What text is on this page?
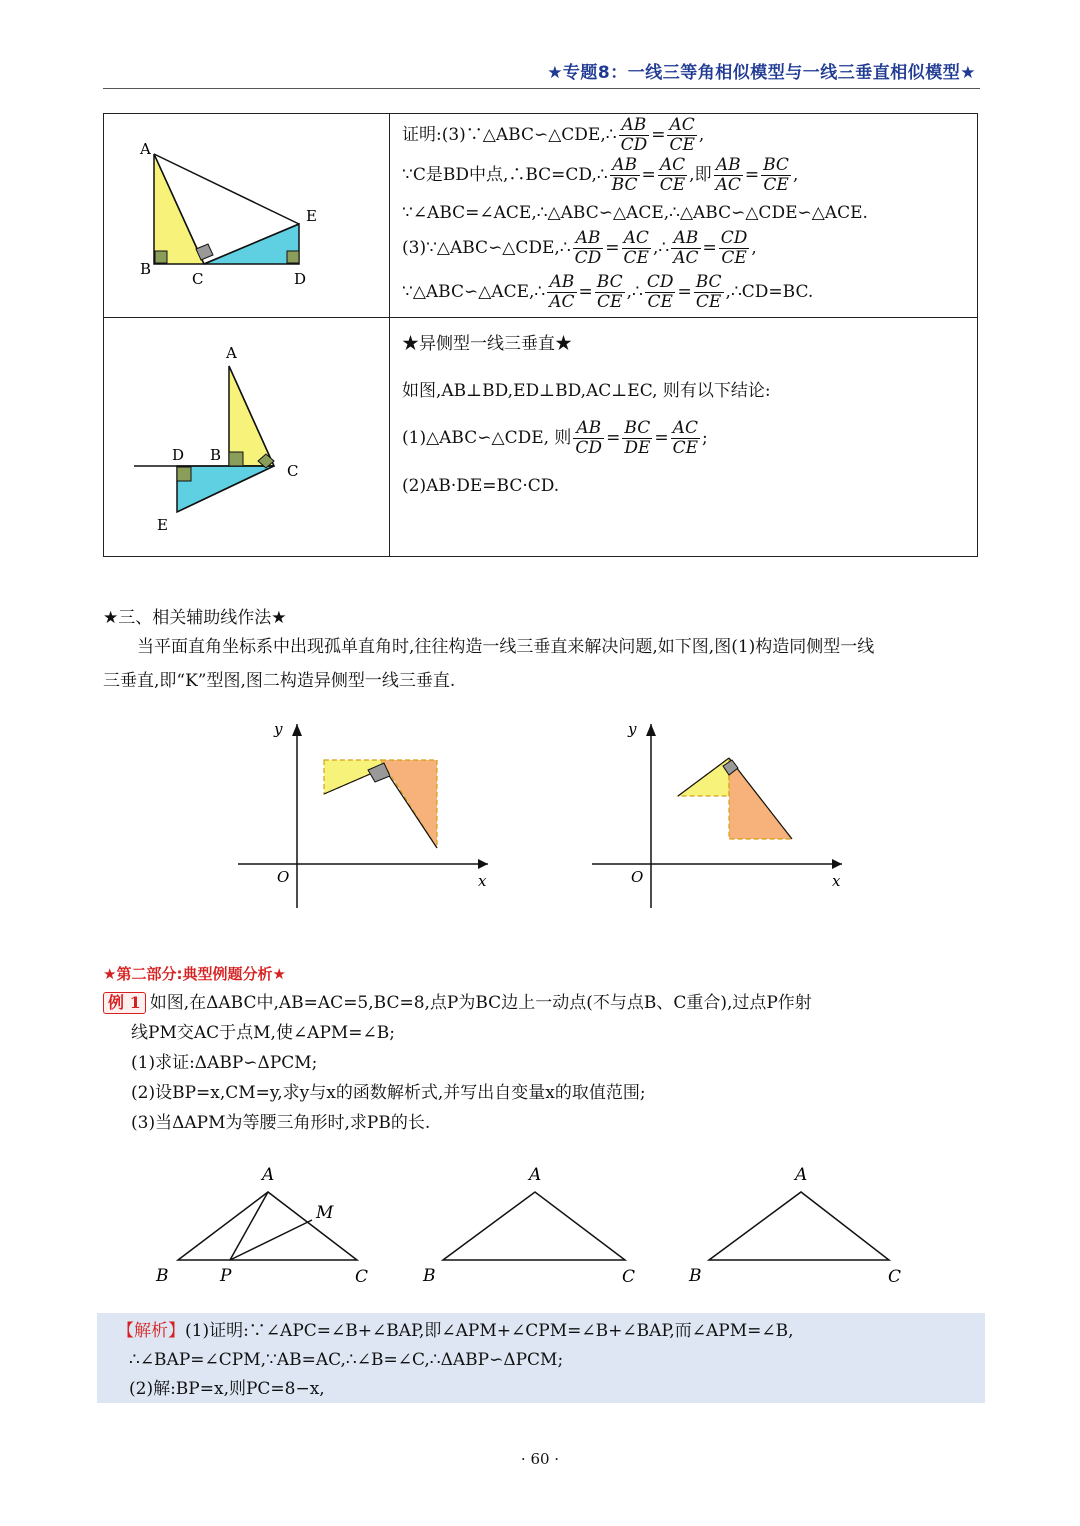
★专题8：一线三等角相似模型与一线三垂直相似模型★
A
B
C	D
E
证明:(3)∵△ABC∽△CDE,∴ $\frac{AB}{CD} = \frac{AC}{CE}$ ,
∵C是BD中点,∴BC=CD,∴ $\frac{AB}{BC} = \frac{AC}{CE}$ ,即 $\frac{AB}{AC} = \frac{BC}{CE}$ ,
∵∠ABC=∠ACE,∴△ABC∽△ACE,∴△ABC∽△CDE∽△ACE.
(3)∵△ABC∽△CDE,∴ $\frac{AB}{CD} = \frac{AC}{CE}$ ,∴ $\frac{AB}{AC} = \frac{CD}{CE}$ ,
∵△ABC∽△ACE,∴ $\frac{AB}{AC} = \frac{BC}{CE}$ ,∴ $\frac{CD}{CE} = \frac{BC}{CE}$ ,∴CD=BC.
A
D B
C
E
★异侧型一线三垂直★
如图,AB⊥BD,ED⊥BD,AC⊥EC, 则有以下结论:
(1)△ABC∽△CDE, 则 $\frac{AB}{CD} = \frac{BC}{DE} = \frac{AC}{CE}$ ;
(2)AB·DE=BC·CD.
★三、相关辅助线作法★
当平面直角坐标系中出现孤单直角时,往往构造一线三垂直来解决问题,如下图,图(1)构造同侧型一线
三垂直,即“K”型图,图二构造异侧型一线三垂直.
y
O	x
y
O	x
★第二部分:典型例题分析★
例 1 如图,在ΔABC中,AB=AC=5,BC=8,点P为BC边上一动点(不与点B、C重合),过点P作射
线PM交AC于点M,使∠APM=∠B;
(1)求证:ΔABP∽ΔPCM;
(2)设BP=x,CM=y,求y与x的函数解析式,并写出自变量x的取值范围;
(3)当ΔAPM为等腰三角形时,求PB的长.
A
M
B	P	C
A
B	C
A
B	C
【解析】(1)证明:∵∠APC=∠B+∠BAP,即∠APM+∠CPM=∠B+∠BAP,而∠APM=∠B,
∴∠BAP=∠CPM,∵AB=AC,∴∠B=∠C,∴ΔABP∽ΔPCM;
(2)解:BP=x,则PC=8−x,
· 60 ·
